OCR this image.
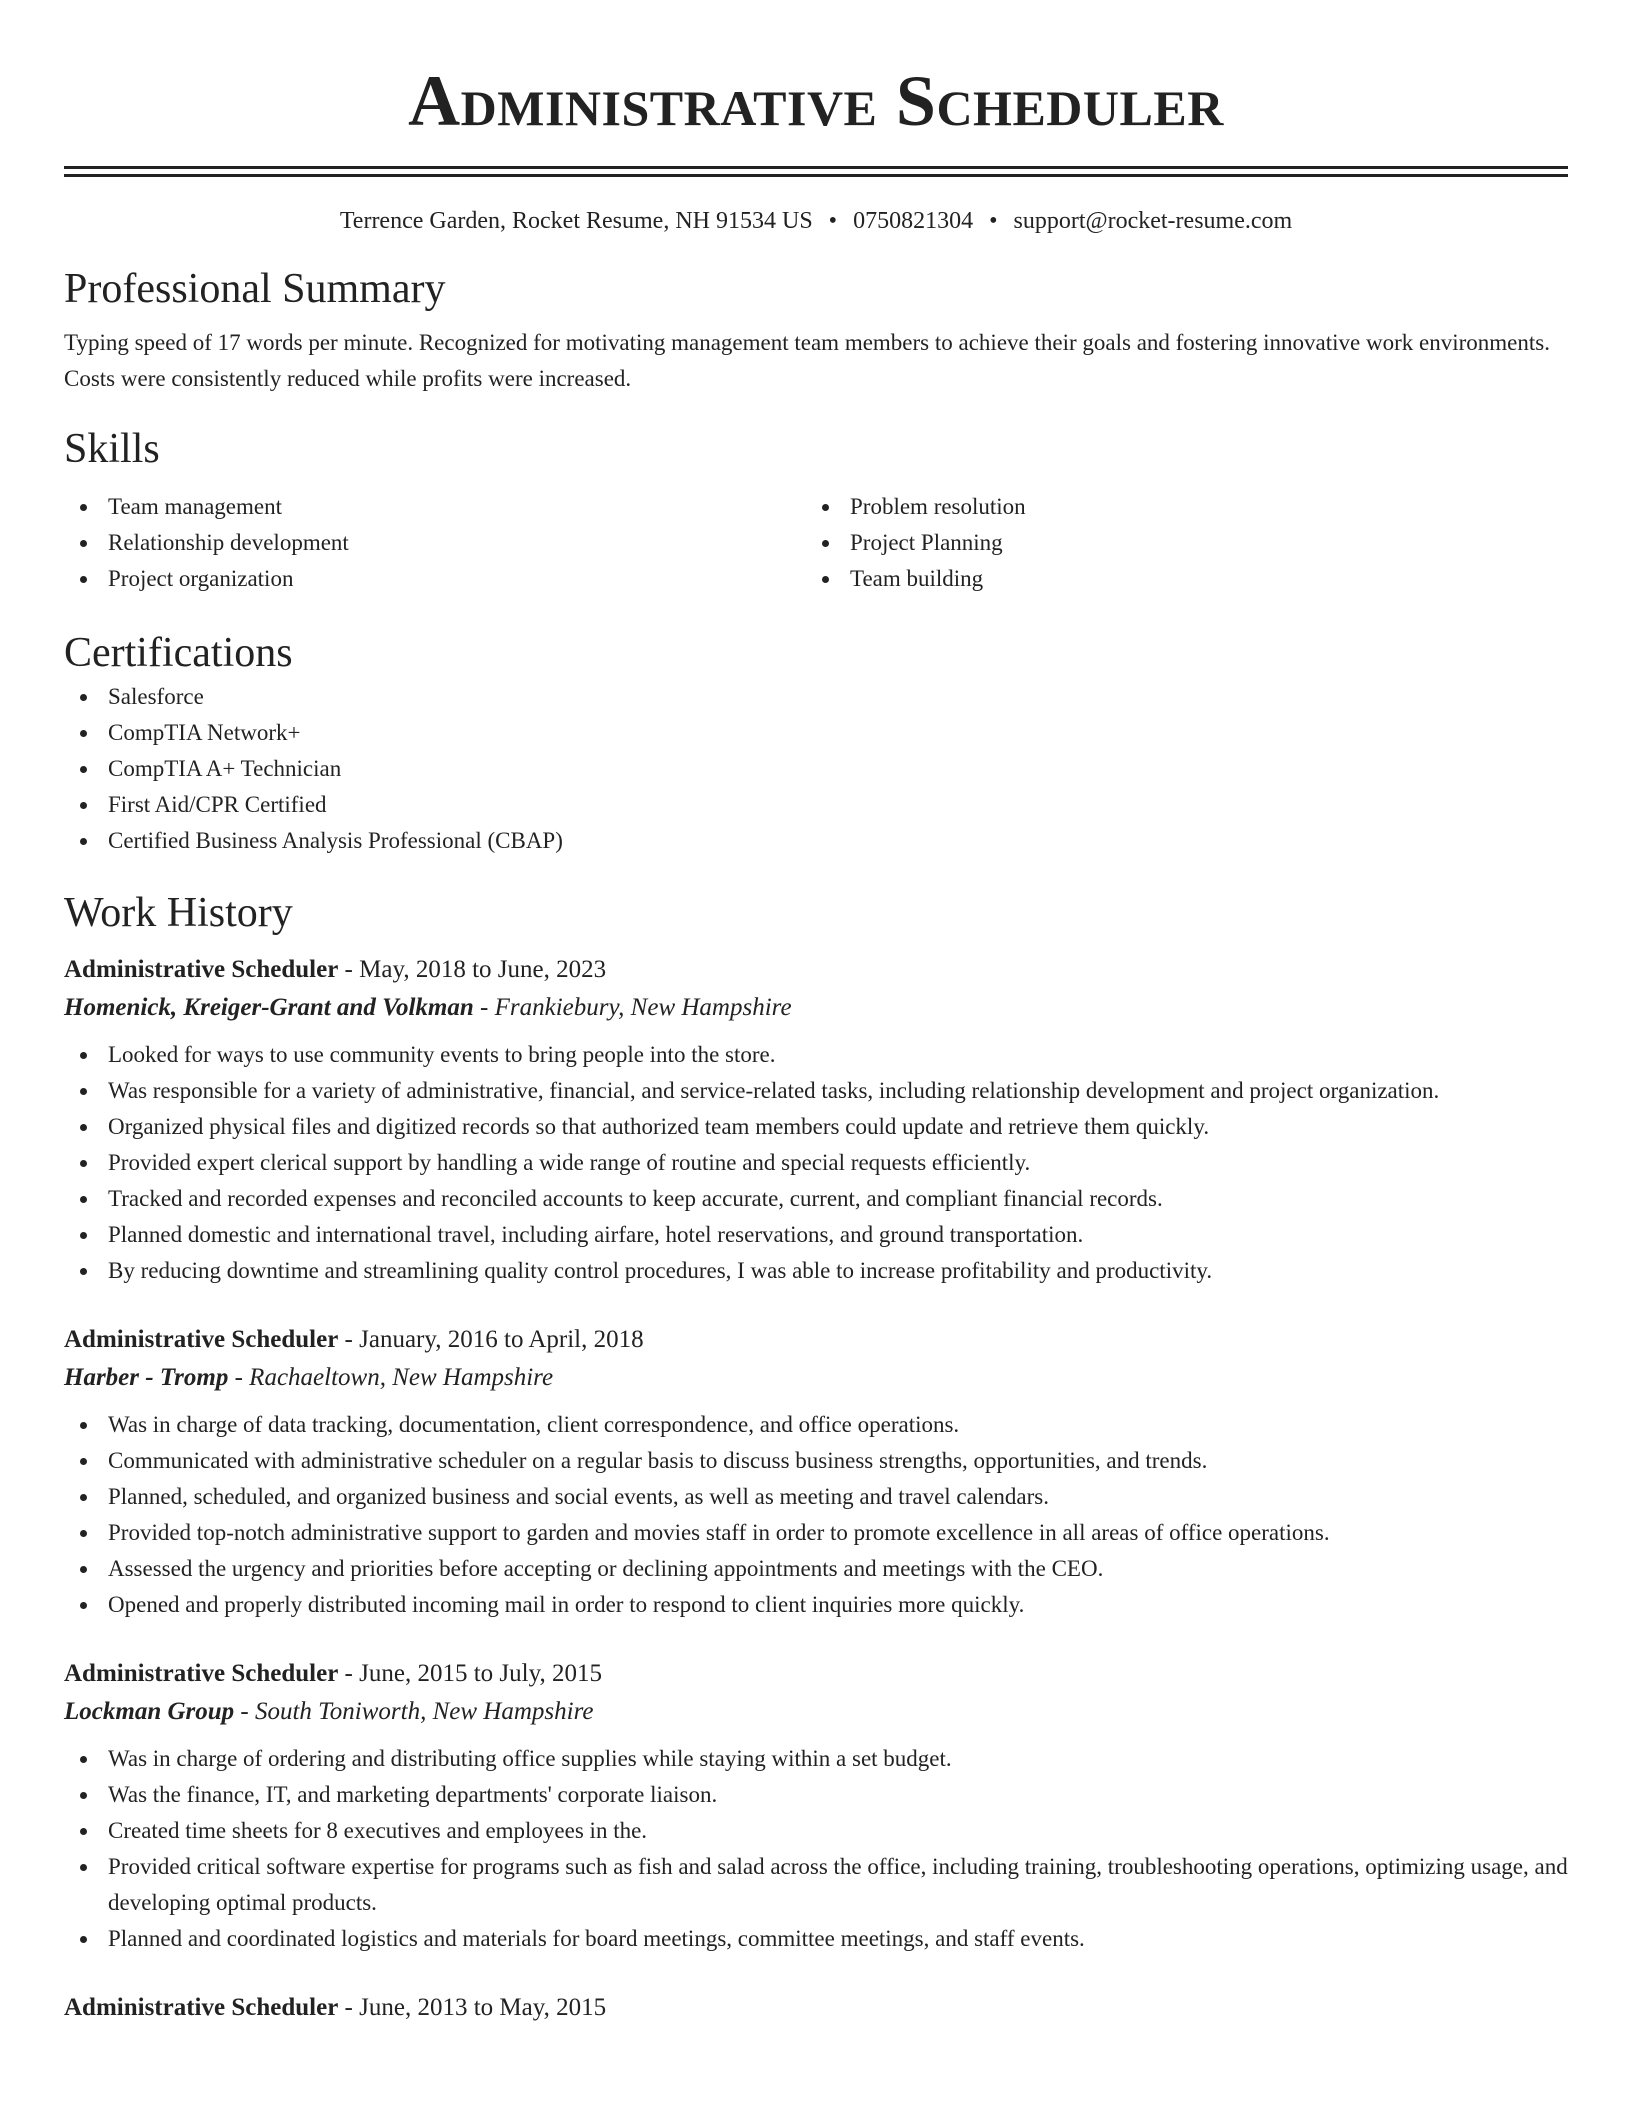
Administrative Scheduler
Terrence Garden, Rocket Resume, NH 91534 US • 0750821304 • support@rocket-resume.com
Professional Summary
Typing speed of 17 words per minute. Recognized for motivating management team members to achieve their goals and fostering innovative work environments. Costs were consistently reduced while profits were increased.
Skills
Team management
Relationship development
Project organization
Problem resolution
Project Planning
Team building
Certifications
Salesforce
CompTIA Network+
CompTIA A+ Technician
First Aid/CPR Certified
Certified Business Analysis Professional (CBAP)
Work History
Administrative Scheduler - May, 2018 to June, 2023
Homenick, Kreiger-Grant and Volkman - Frankiebury, New Hampshire
Looked for ways to use community events to bring people into the store.
Was responsible for a variety of administrative, financial, and service-related tasks, including relationship development and project organization.
Organized physical files and digitized records so that authorized team members could update and retrieve them quickly.
Provided expert clerical support by handling a wide range of routine and special requests efficiently.
Tracked and recorded expenses and reconciled accounts to keep accurate, current, and compliant financial records.
Planned domestic and international travel, including airfare, hotel reservations, and ground transportation.
By reducing downtime and streamlining quality control procedures, I was able to increase profitability and productivity.
Administrative Scheduler - January, 2016 to April, 2018
Harber - Tromp - Rachaeltown, New Hampshire
Was in charge of data tracking, documentation, client correspondence, and office operations.
Communicated with administrative scheduler on a regular basis to discuss business strengths, opportunities, and trends.
Planned, scheduled, and organized business and social events, as well as meeting and travel calendars.
Provided top-notch administrative support to garden and movies staff in order to promote excellence in all areas of office operations.
Assessed the urgency and priorities before accepting or declining appointments and meetings with the CEO.
Opened and properly distributed incoming mail in order to respond to client inquiries more quickly.
Administrative Scheduler - June, 2015 to July, 2015
Lockman Group - South Toniworth, New Hampshire
Was in charge of ordering and distributing office supplies while staying within a set budget.
Was the finance, IT, and marketing departments' corporate liaison.
Created time sheets for 8 executives and employees in the.
Provided critical software expertise for programs such as fish and salad across the office, including training, troubleshooting operations, optimizing usage, and developing optimal products.
Planned and coordinated logistics and materials for board meetings, committee meetings, and staff events.
Administrative Scheduler - June, 2013 to May, 2015
